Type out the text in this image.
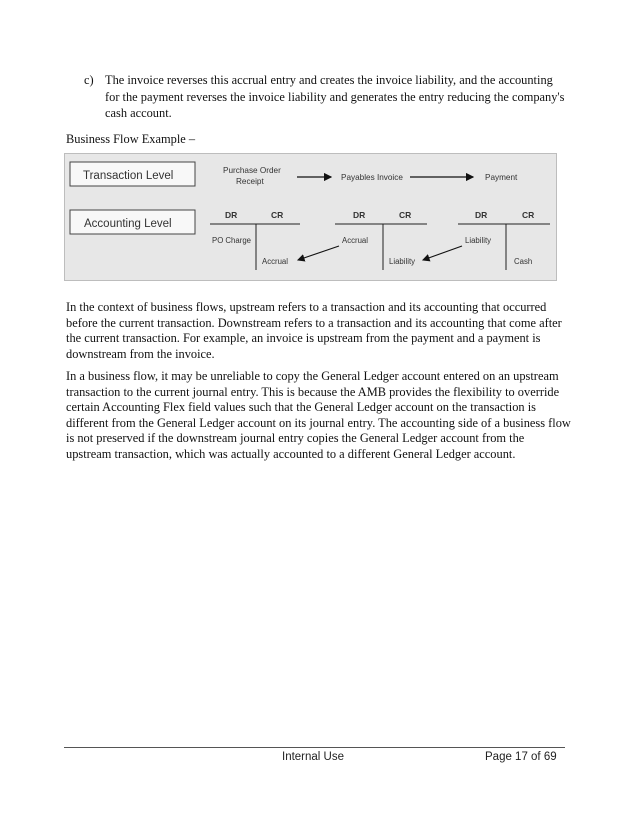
c) The invoice reverses this accrual entry and creates the invoice liability, and the accounting for the payment reverses the invoice liability and generates the entry reducing the company's cash account.
Business Flow Example –
Transaction Level
Accounting Level
Purchase Order
Receipt	Payables Invoice	Payment
DR	CR
PO Charge
Accrual
DR	CR
Accrual
Liability
DR	CR
Liability
Cash
In the context of business flows, upstream refers to a transaction and its accounting that occurred before the current transaction. Downstream refers to a transaction and its accounting that come after the current transaction. For example, an invoice is upstream from the payment and a payment is downstream from the invoice.
In a business flow, it may be unreliable to copy the General Ledger account entered on an upstream transaction to the current journal entry. This is because the AMB provides the flexibility to override certain Accounting Flex field values such that the General Ledger account on the transaction is different from the General Ledger account on its journal entry. The accounting side of a business flow is not preserved if the downstream journal entry copies the General Ledger account from the upstream transaction, which was actually accounted to a different General Ledger account.
Internal Use	Page 17 of 69
